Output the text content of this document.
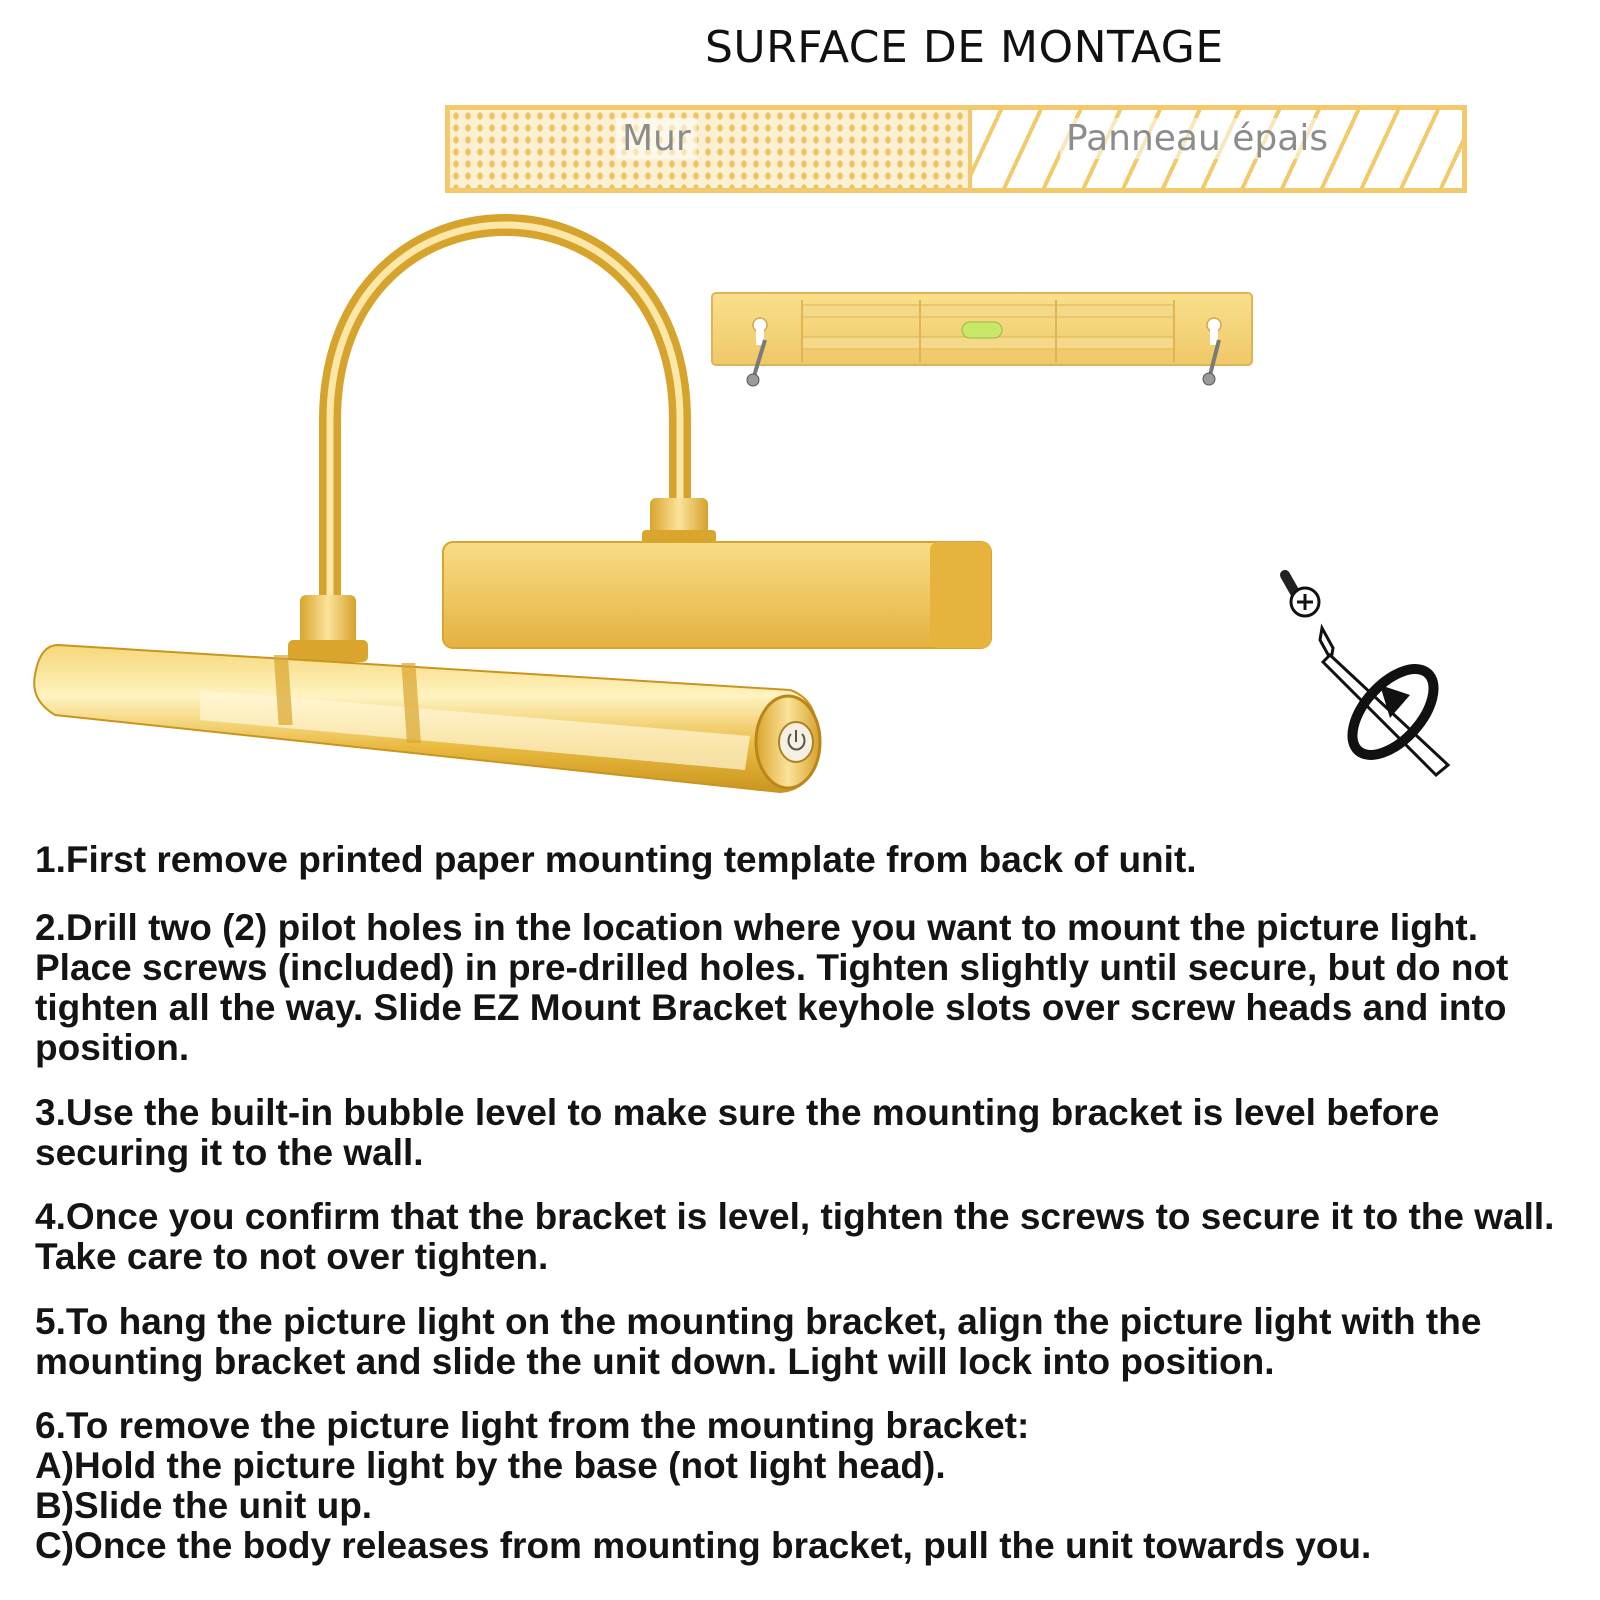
SURFACE DE MONTAGE
Mur	Panneau épais

1.First remove printed paper mounting template from back of unit.

2.Drill two (2) pilot holes in the location where you want to mount the picture light. Place screws (included) in pre-drilled holes. Tighten slightly until secure, but do not tighten all the way. Slide EZ Mount Bracket keyhole slots over screw heads and into position.

3.Use the built-in bubble level to make sure the mounting bracket is level before securing it to the wall.

4.Once you confirm that the bracket is level, tighten the screws to secure it to the wall. Take care to not over tighten.

5.To hang the picture light on the mounting bracket, align the picture light with the mounting bracket and slide the unit down. Light will lock into position.

6.To remove the picture light from the mounting bracket:

A)Hold the picture light by the base (not light head).

B)Slide the unit up.

C)Once the body releases from mounting bracket, pull the unit towards you.
